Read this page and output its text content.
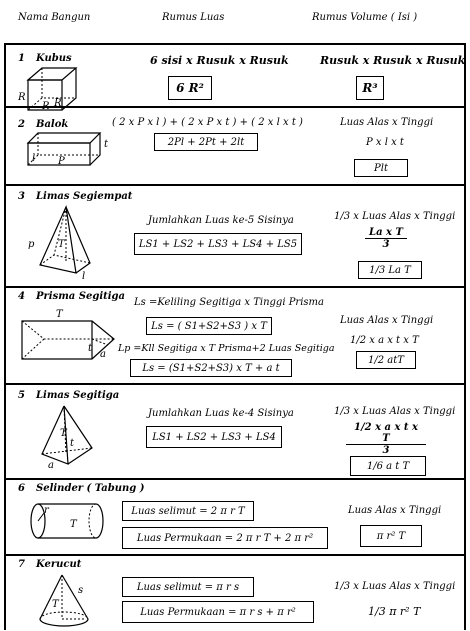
Nama Bangun	Rumus Luas	Rumus Volume ( Isi )
1 Kubus
R
R R
6 sisi x Rusuk x Rusuk
6 R²
Rusuk x Rusuk x Rusuk
R³
2 Balok
l P
t
( 2 x P x l ) + ( 2 x P x t ) + ( 2 x l x t )
2Pl + 2Pt + 2lt
Luas Alas x Tinggi
P x l x t
Plt
3 Limas Segiempat
p T
l
Jumlahkan Luas ke-5 Sisinya
LS1 + LS2 + LS3 + LS4 + LS5
1/3 x Luas Alas x Tinggi
$\frac{\text{La x T}}{3}$
1/3 La T
4 Prisma Segitiga
T
t
a
Ls =Keliling Segitiga x Tinggi Prisma
Ls = ( S1+S2+S3 ) x T
Lp =Kll Segitiga x T Prisma+2 Luas Segitiga
Ls = (S1+S2+S3) x T + a t
Luas Alas x Tinggi
1/2 x a x t x T
1/2 atT
5 Limas Segitiga
T
t
a
Jumlahkan Luas ke-4 Sisinya
LS1 + LS2 + LS3 + LS4
1/3 x Luas Alas x Tinggi
$\frac{\text{1/2 x a x t x T}}{3}$
1/6 a t T
6 Selinder ( Tabung )
r
T
Luas selimut = 2 π r T
Luas Permukaan = 2 π r T + 2 π r²
Luas Alas x Tinggi
π r² T
7 Kerucut
s
T
Luas selimut = π r s
Luas Permukaan = π r s + π r²
1/3 x Luas Alas x Tinggi
1/3 π r² T
